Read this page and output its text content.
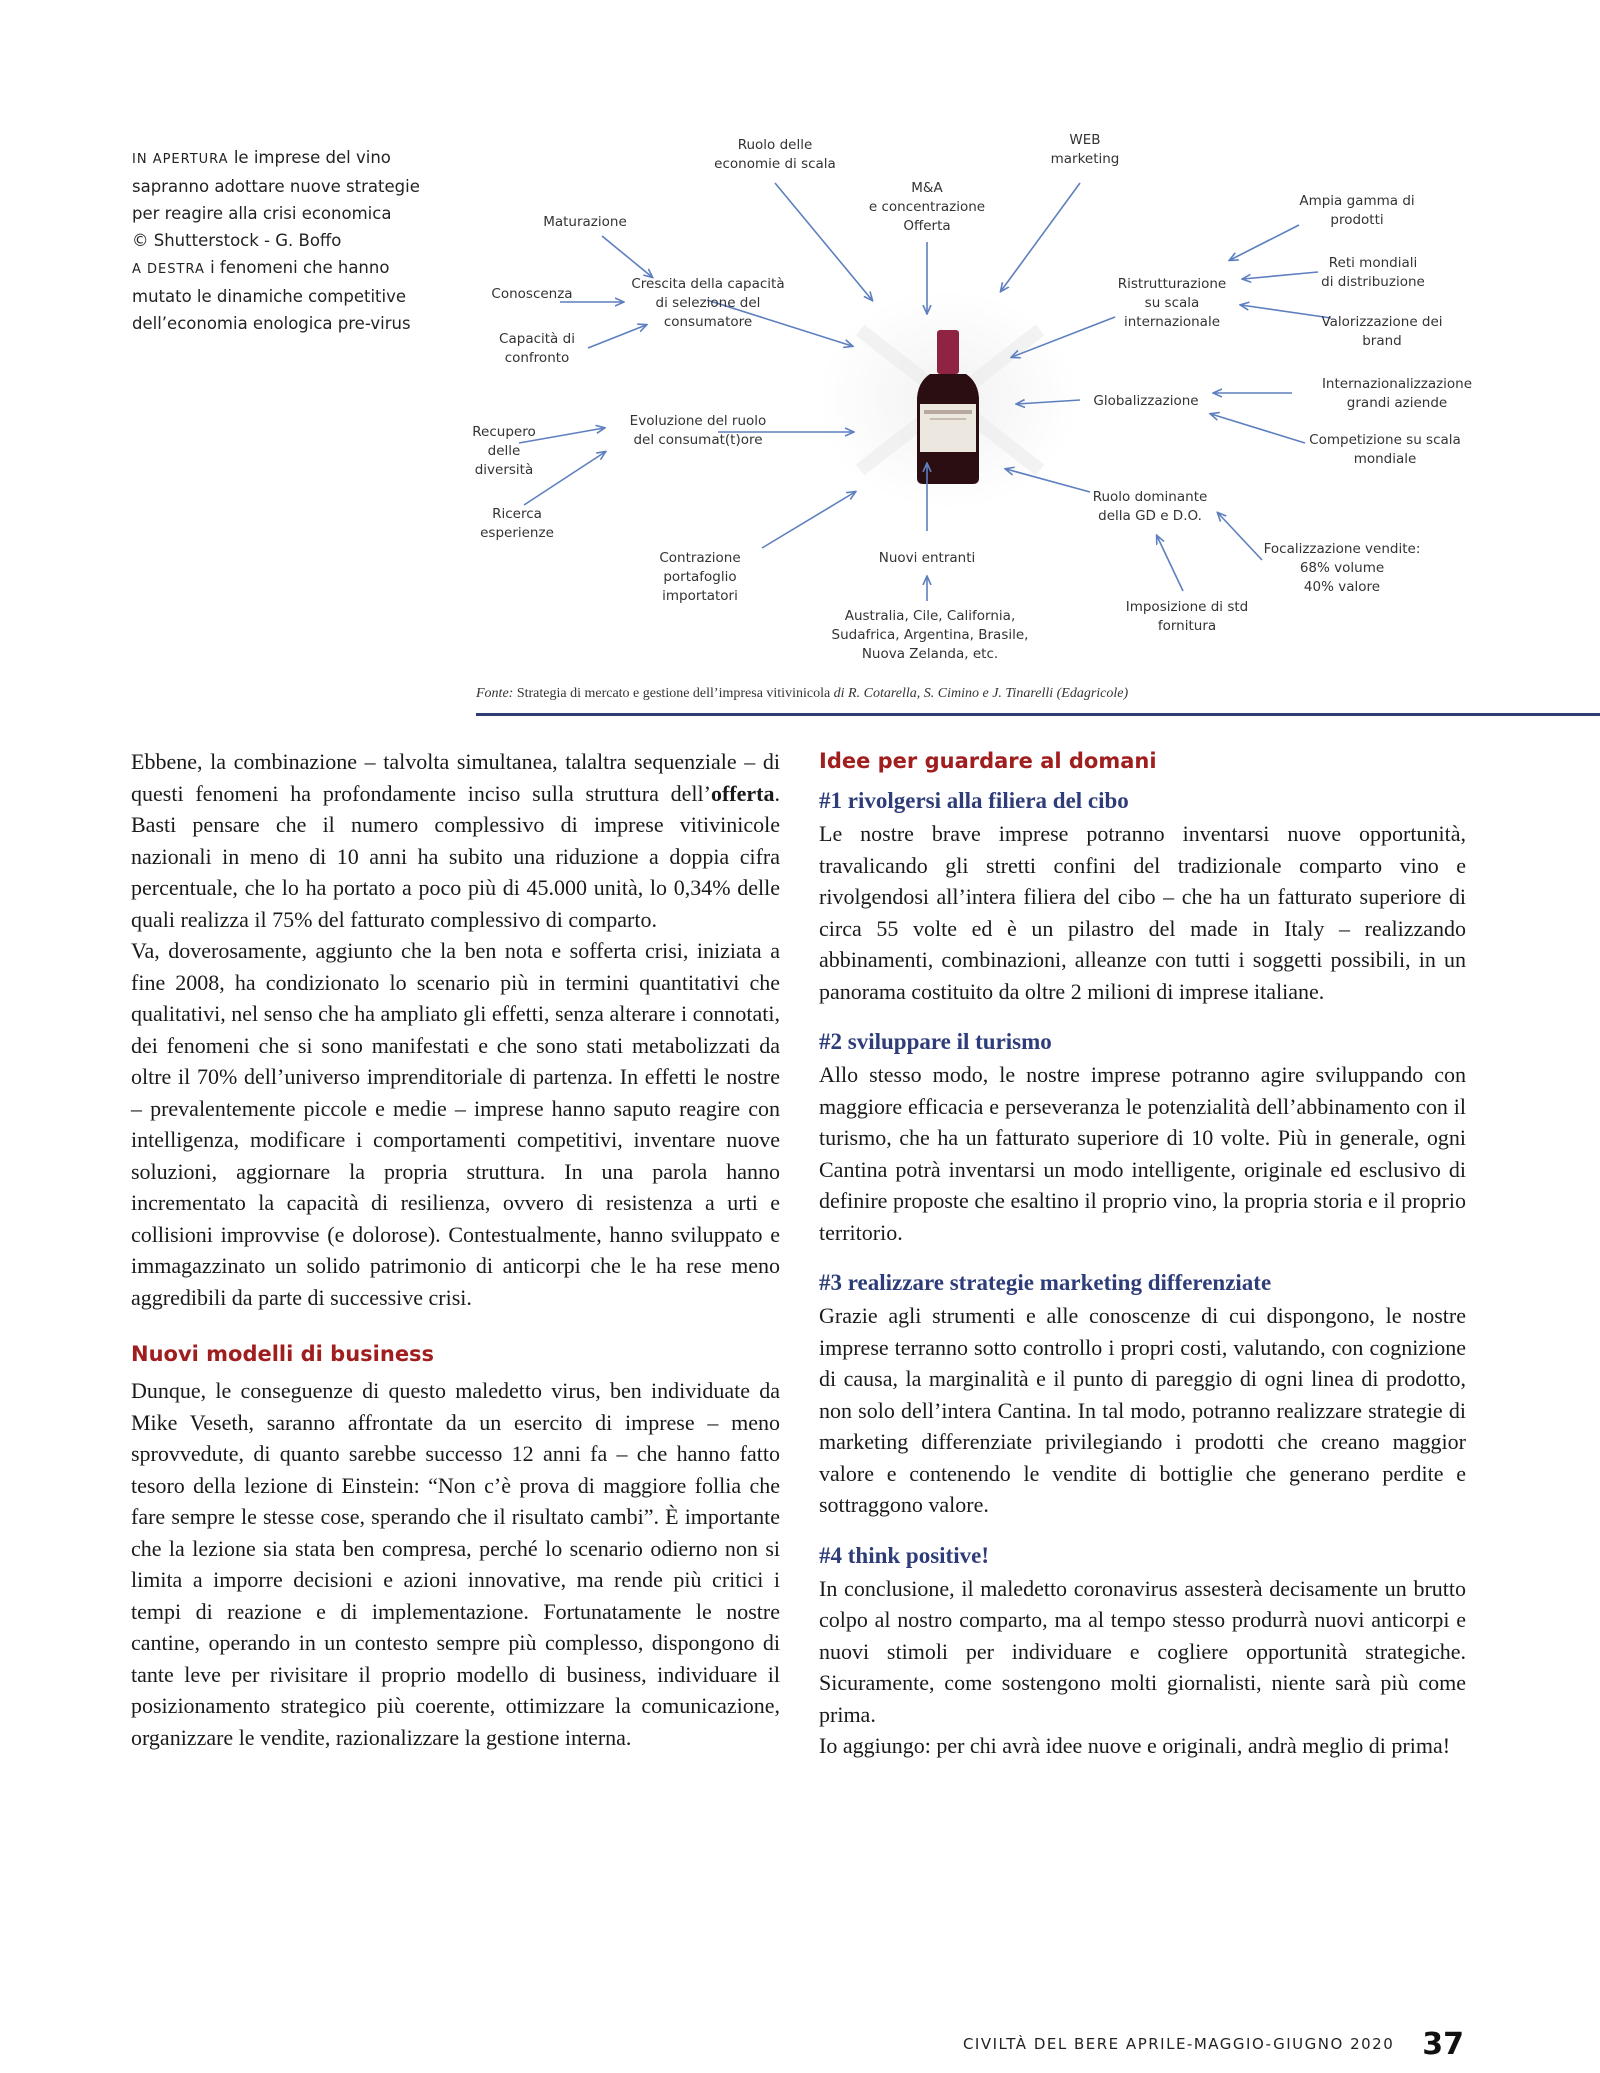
IN APERTURA le imprese del vino sapranno adottare nuove strategie per reagire alla crisi economica
© Shutterstock - G. Boffo
A DESTRA i fenomeni che hanno mutato le dinamiche competitive dell’economia enologica pre-virus
Ruolo delle economie di scala
WEB marketing
M&A e concentrazione Offerta
Maturazione
Conoscenza
Crescita della capacità di selezione del consumatore
Capacità di confronto
Ampia gamma di prodotti
Reti mondiali di distribuzione
Ristrutturazione su scala internazionale	Valorizzazione dei brand
Internazionalizzazione grandi aziende
Globalizzazione
Competizione su scala mondiale
Recupero delle diversità
Evoluzione del ruolo del consumat(t)ore
Ruolo dominante della GD e D.O.
Ricerca esperienze
Focalizzazione vendite: 68% volume 40% valore
Contrazione portafoglio importatori
Nuovi entranti
Imposizione di std fornitura
Australia, Cile, California, Sudafrica, Argentina, Brasile, Nuova Zelanda, etc.
Fonte: Strategia di mercato e gestione dell’impresa vitivinicola di R. Cotarella, S. Cimino e J. Tinarelli (Edagricole)

Ebbene, la combinazione – talvolta simultanea, talaltra sequenziale – di questi fenomeni ha profondamente inciso sulla struttura dell’offerta. Basti pensare che il numero complessivo di imprese vitivinicole nazionali in meno di 10 anni ha subito una riduzione a doppia cifra percentuale, che lo ha portato a poco più di 45.000 unità, lo 0,34% delle quali realizza il 75% del fatturato complessivo di comparto.

Va, doverosamente, aggiunto che la ben nota e sofferta crisi, iniziata a fine 2008, ha condizionato lo scenario più in termini quantitativi che qualitativi, nel senso che ha ampliato gli effetti, senza alterare i connotati, dei fenomeni che si sono manifestati e che sono stati metabolizzati da oltre il 70% dell’universo imprenditoriale di partenza. In effetti le nostre – prevalentemente piccole e medie – imprese hanno saputo reagire con intelligenza, modificare i comportamenti competitivi, inventare nuove soluzioni, aggiornare la propria struttura. In una parola hanno incrementato la capacità di resilienza, ovvero di resistenza a urti e collisioni improvvise (e dolorose). Contestualmente, hanno sviluppato e immagazzinato un solido patrimonio di anticorpi che le ha rese meno aggredibili da parte di successive crisi.

Nuovi modelli di business

Dunque, le conseguenze di questo maledetto virus, ben individuate da Mike Veseth, saranno affrontate da un esercito di imprese – meno sprovvedute, di quanto sarebbe successo 12 anni fa – che hanno fatto tesoro della lezione di Einstein: “Non c’è prova di maggiore follia che fare sempre le stesse cose, sperando che il risultato cambi”. È importante che la lezione sia stata ben compresa, perché lo scenario odierno non si limita a imporre decisioni e azioni innovative, ma rende più critici i tempi di reazione e di implementazione. Fortunatamente le nostre cantine, operando in un contesto sempre più complesso, dispongono di tante leve per rivisitare il proprio modello di business, individuare il posizionamento strategico più coerente, ottimizzare la comunicazione, organizzare le vendite, razionalizzare la gestione interna.

Idee per guardare al domani
#1 rivolgersi alla filiera del cibo

Le nostre brave imprese potranno inventarsi nuove opportunità, travalicando gli stretti confini del tradizionale comparto vino e rivolgendosi all’intera filiera del cibo – che ha un fatturato superiore di circa 55 volte ed è un pilastro del made in Italy – realizzando abbinamenti, combinazioni, alleanze con tutti i soggetti possibili, in un panorama costituito da oltre 2 milioni di imprese italiane.

#2 sviluppare il turismo

Allo stesso modo, le nostre imprese potranno agire sviluppando con maggiore efficacia e perseveranza le potenzialità dell’abbinamento con il turismo, che ha un fatturato superiore di 10 volte. Più in generale, ogni Cantina potrà inventarsi un modo intelligente, originale ed esclusivo di definire proposte che esaltino il proprio vino, la propria storia e il proprio territorio.

#3 realizzare strategie marketing differenziate

Grazie agli strumenti e alle conoscenze di cui dispongono, le nostre imprese terranno sotto controllo i propri costi, valutando, con cognizione di causa, la marginalità e il punto di pareggio di ogni linea di prodotto, non solo dell’intera Cantina. In tal modo, potranno realizzare strategie di marketing differenziate privilegiando i prodotti che creano maggior valore e contenendo le vendite di bottiglie che generano perdite e sottraggono valore.

#4 think positive!

In conclusione, il maledetto coronavirus assesterà decisamente un brutto colpo al nostro comparto, ma al tempo stesso produrrà nuovi anticorpi e nuovi stimoli per individuare e cogliere opportunità strategiche. Sicuramente, come sostengono molti giornalisti, niente sarà più come prima.

Io aggiungo: per chi avrà idee nuove e originali, andrà meglio di prima!

CIVILTÀ DEL BERE APRILE-MAGGIO-GIUGNO 2020 37
